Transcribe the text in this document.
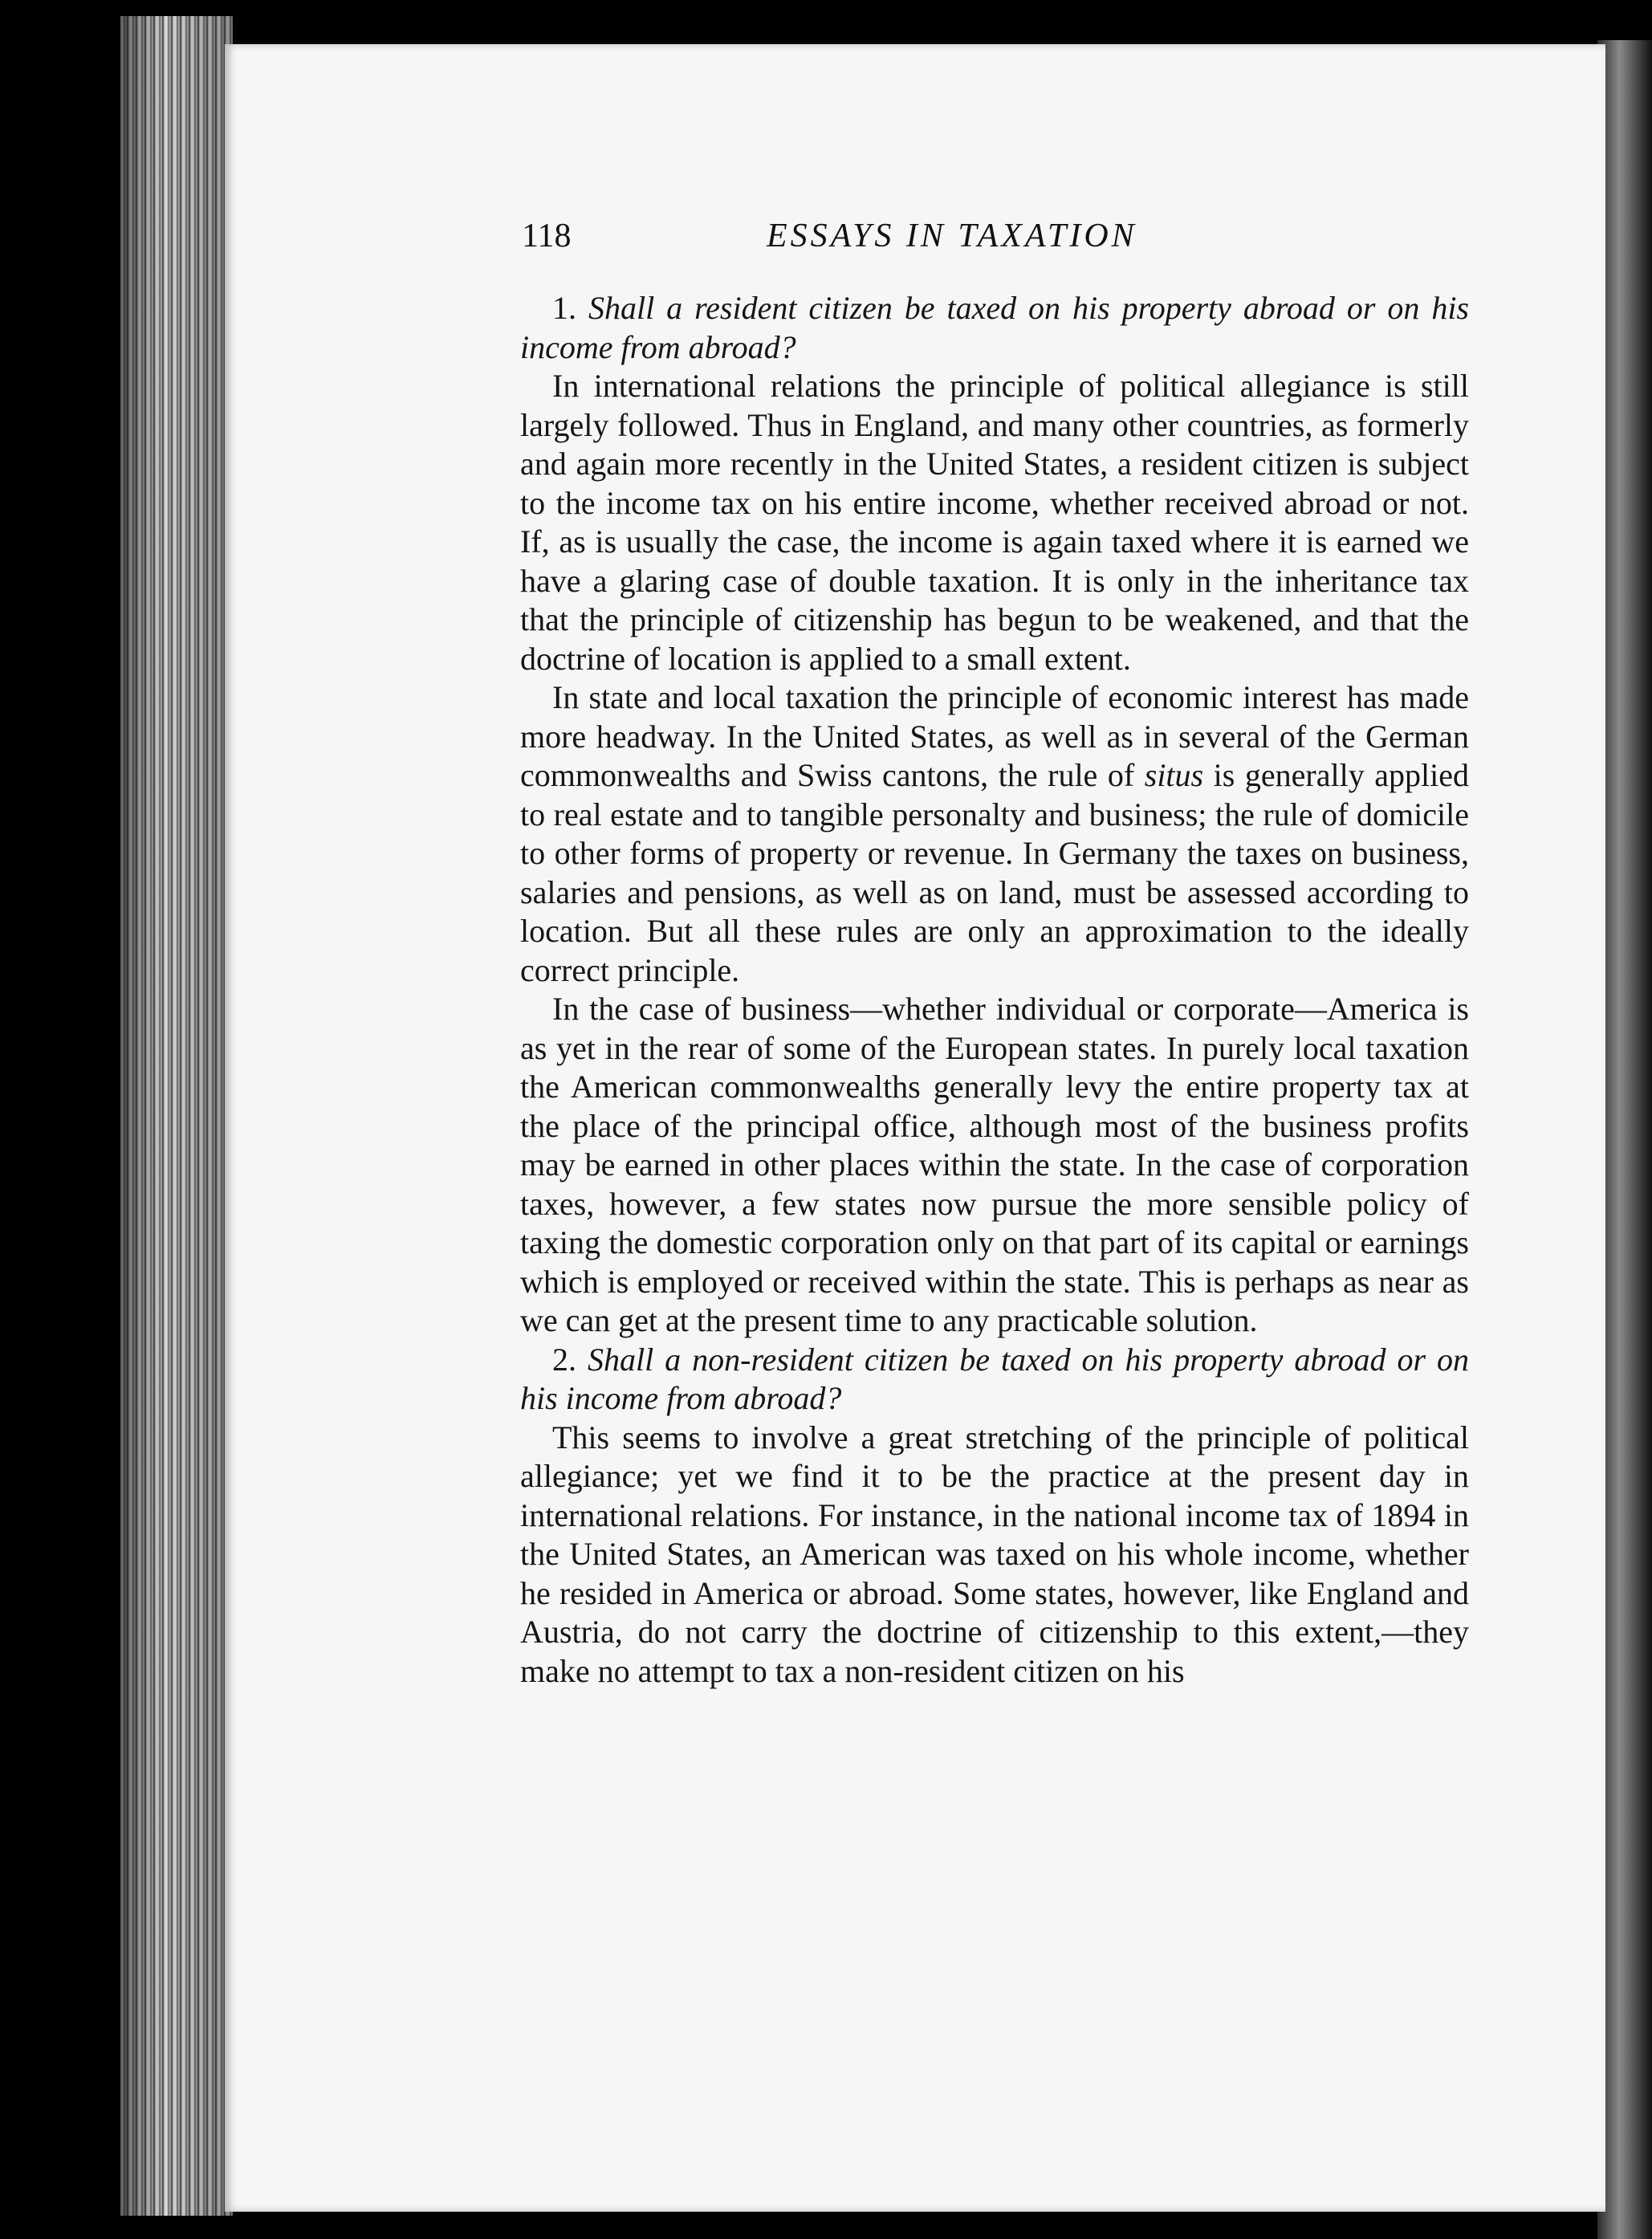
118	ESSAYS IN TAXATION

1. Shall a resident citizen be taxed on his property abroad or on his income from abroad?

In international relations the principle of political allegiance is still largely followed. Thus in England, and many other countries, as formerly and again more recently in the United States, a resident citizen is subject to the income tax on his entire income, whether received abroad or not. If, as is usually the case, the income is again taxed where it is earned we have a glaring case of double taxation. It is only in the inheritance tax that the principle of citizenship has begun to be weakened, and that the doctrine of location is applied to a small extent.

In state and local taxation the principle of economic interest has made more headway. In the United States, as well as in several of the German commonwealths and Swiss cantons, the rule of situs is generally applied to real estate and to tangible personalty and business; the rule of domicile to other forms of property or revenue. In Germany the taxes on business, salaries and pensions, as well as on land, must be assessed according to location. But all these rules are only an approximation to the ideally correct principle.

In the case of business—whether individual or corporate—America is as yet in the rear of some of the European states. In purely local taxation the American commonwealths generally levy the entire property tax at the place of the principal office, although most of the business profits may be earned in other places within the state. In the case of corporation taxes, however, a few states now pursue the more sensible policy of taxing the domestic corporation only on that part of its capital or earnings which is employed or received within the state. This is perhaps as near as we can get at the present time to any practicable solution.

2. Shall a non-resident citizen be taxed on his property abroad or on his income from abroad?

This seems to involve a great stretching of the principle of political allegiance; yet we find it to be the practice at the present day in international relations. For instance, in the national income tax of 1894 in the United States, an American was taxed on his whole income, whether he resided in America or abroad. Some states, however, like England and Austria, do not carry the doctrine of citizenship to this extent,—they make no attempt to tax a non-resident citizen on his
